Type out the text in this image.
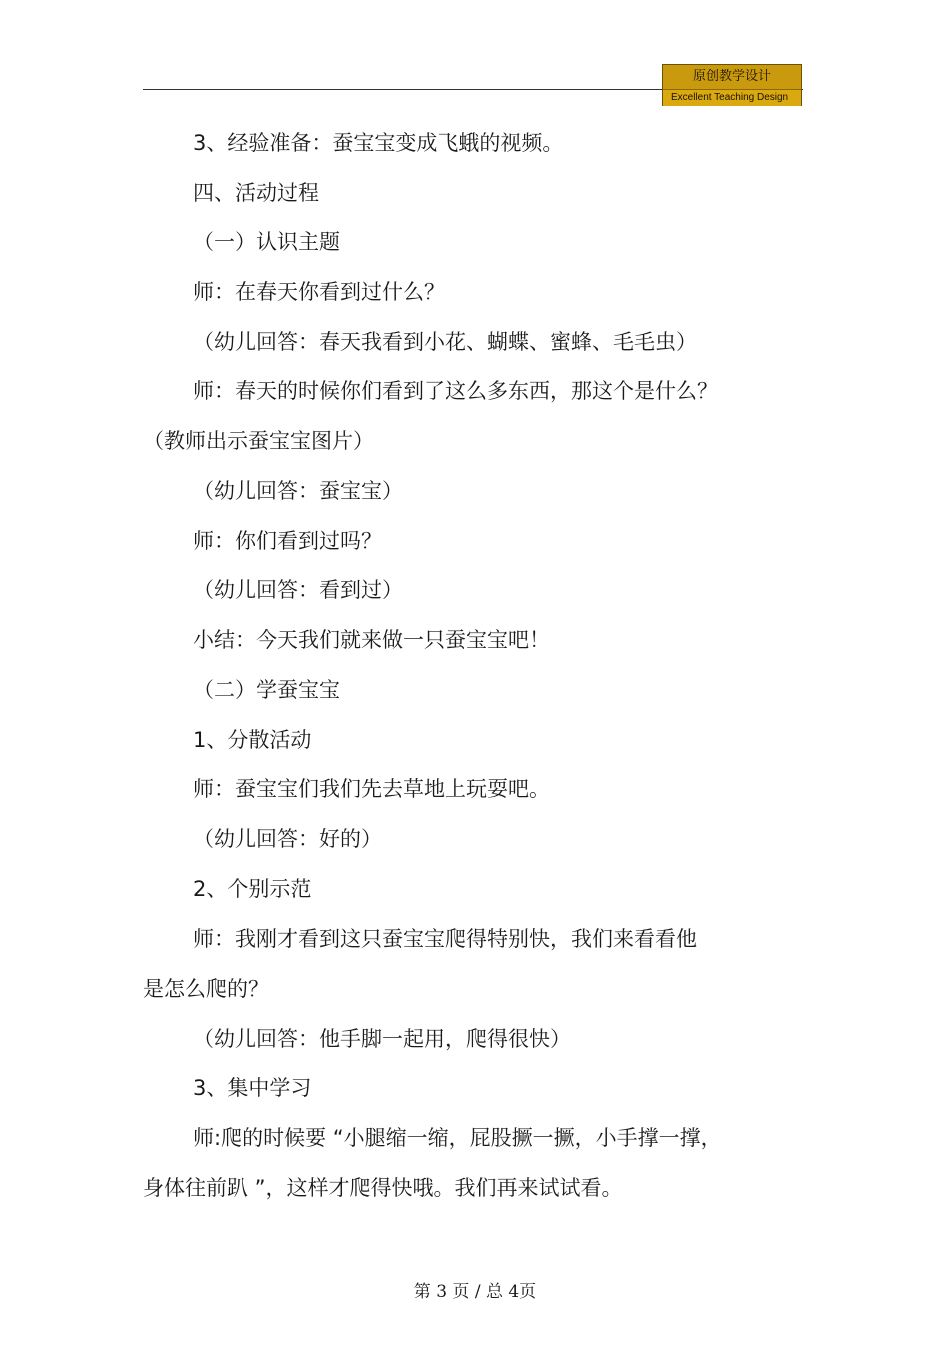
原创教学设计
Excellent Teaching Design
3、经验准备：蚕宝宝变成飞蛾的视频。
四、活动过程
（一）认识主题
师：在春天你看到过什么？
（幼儿回答：春天我看到小花、蝴蝶、蜜蜂、毛毛虫）
师：春天的时候你们看到了这么多东西，那这个是什么？
（教师出示蚕宝宝图片）
（幼儿回答：蚕宝宝）
师：你们看到过吗？
（幼儿回答：看到过）
小结：今天我们就来做一只蚕宝宝吧！
（二）学蚕宝宝
1、分散活动
师：蚕宝宝们我们先去草地上玩耍吧。
（幼儿回答：好的）
2、个别示范
师：我刚才看到这只蚕宝宝爬得特别快，我们来看看他
是怎么爬的？
（幼儿回答：他手脚一起用，爬得很快）
3、集中学习
师:爬的时候要 “小腿缩一缩，屁股撅一撅，小手撑一撑，
身体往前趴 ”，这样才爬得快哦。我们再来试试看。
第 3 页 / 总 4页
